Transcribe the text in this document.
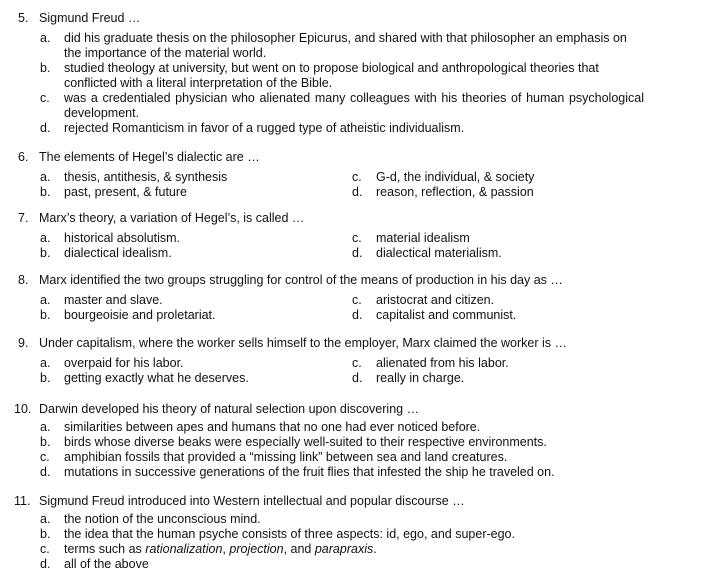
5. Sigmund Freud …
a. did his graduate thesis on the philosopher Epicurus, and shared with that philosopher an emphasis on the importance of the material world.
b. studied theology at university, but went on to propose biological and anthropological theories that conflicted with a literal interpretation of the Bible.
c. was a credentialed physician who alienated many colleagues with his theories of human psychological development.
d. rejected Romanticism in favor of a rugged type of atheistic individualism.
6. The elements of Hegel’s dialectic are …
a. thesis, antithesis, & synthesis	c. G-d, the individual, & society
b. past, present, & future	d. reason, reflection, & passion
7. Marx’s theory, a variation of Hegel’s, is called …
a. historical absolutism.	c. material idealism
b. dialectical idealism.	d. dialectical materialism.
8. Marx identified the two groups struggling for control of the means of production in his day as …
a. master and slave.	c. aristocrat and citizen.
b. bourgeoisie and proletariat.	d. capitalist and communist.
9. Under capitalism, where the worker sells himself to the employer, Marx claimed the worker is …
a. overpaid for his labor.	c. alienated from his labor.
b. getting exactly what he deserves.	d. really in charge.
10. Darwin developed his theory of natural selection upon discovering …
a. similarities between apes and humans that no one had ever noticed before.
b. birds whose diverse beaks were especially well-suited to their respective environments.
c. amphibian fossils that provided a “missing link” between sea and land creatures.
d. mutations in successive generations of the fruit flies that infested the ship he traveled on.
11. Sigmund Freud introduced into Western intellectual and popular discourse …
a. the notion of the unconscious mind.
b. the idea that the human psyche consists of three aspects: id, ego, and super-ego.
c. terms such as rationalization, projection, and parapraxis.
d. all of the above
